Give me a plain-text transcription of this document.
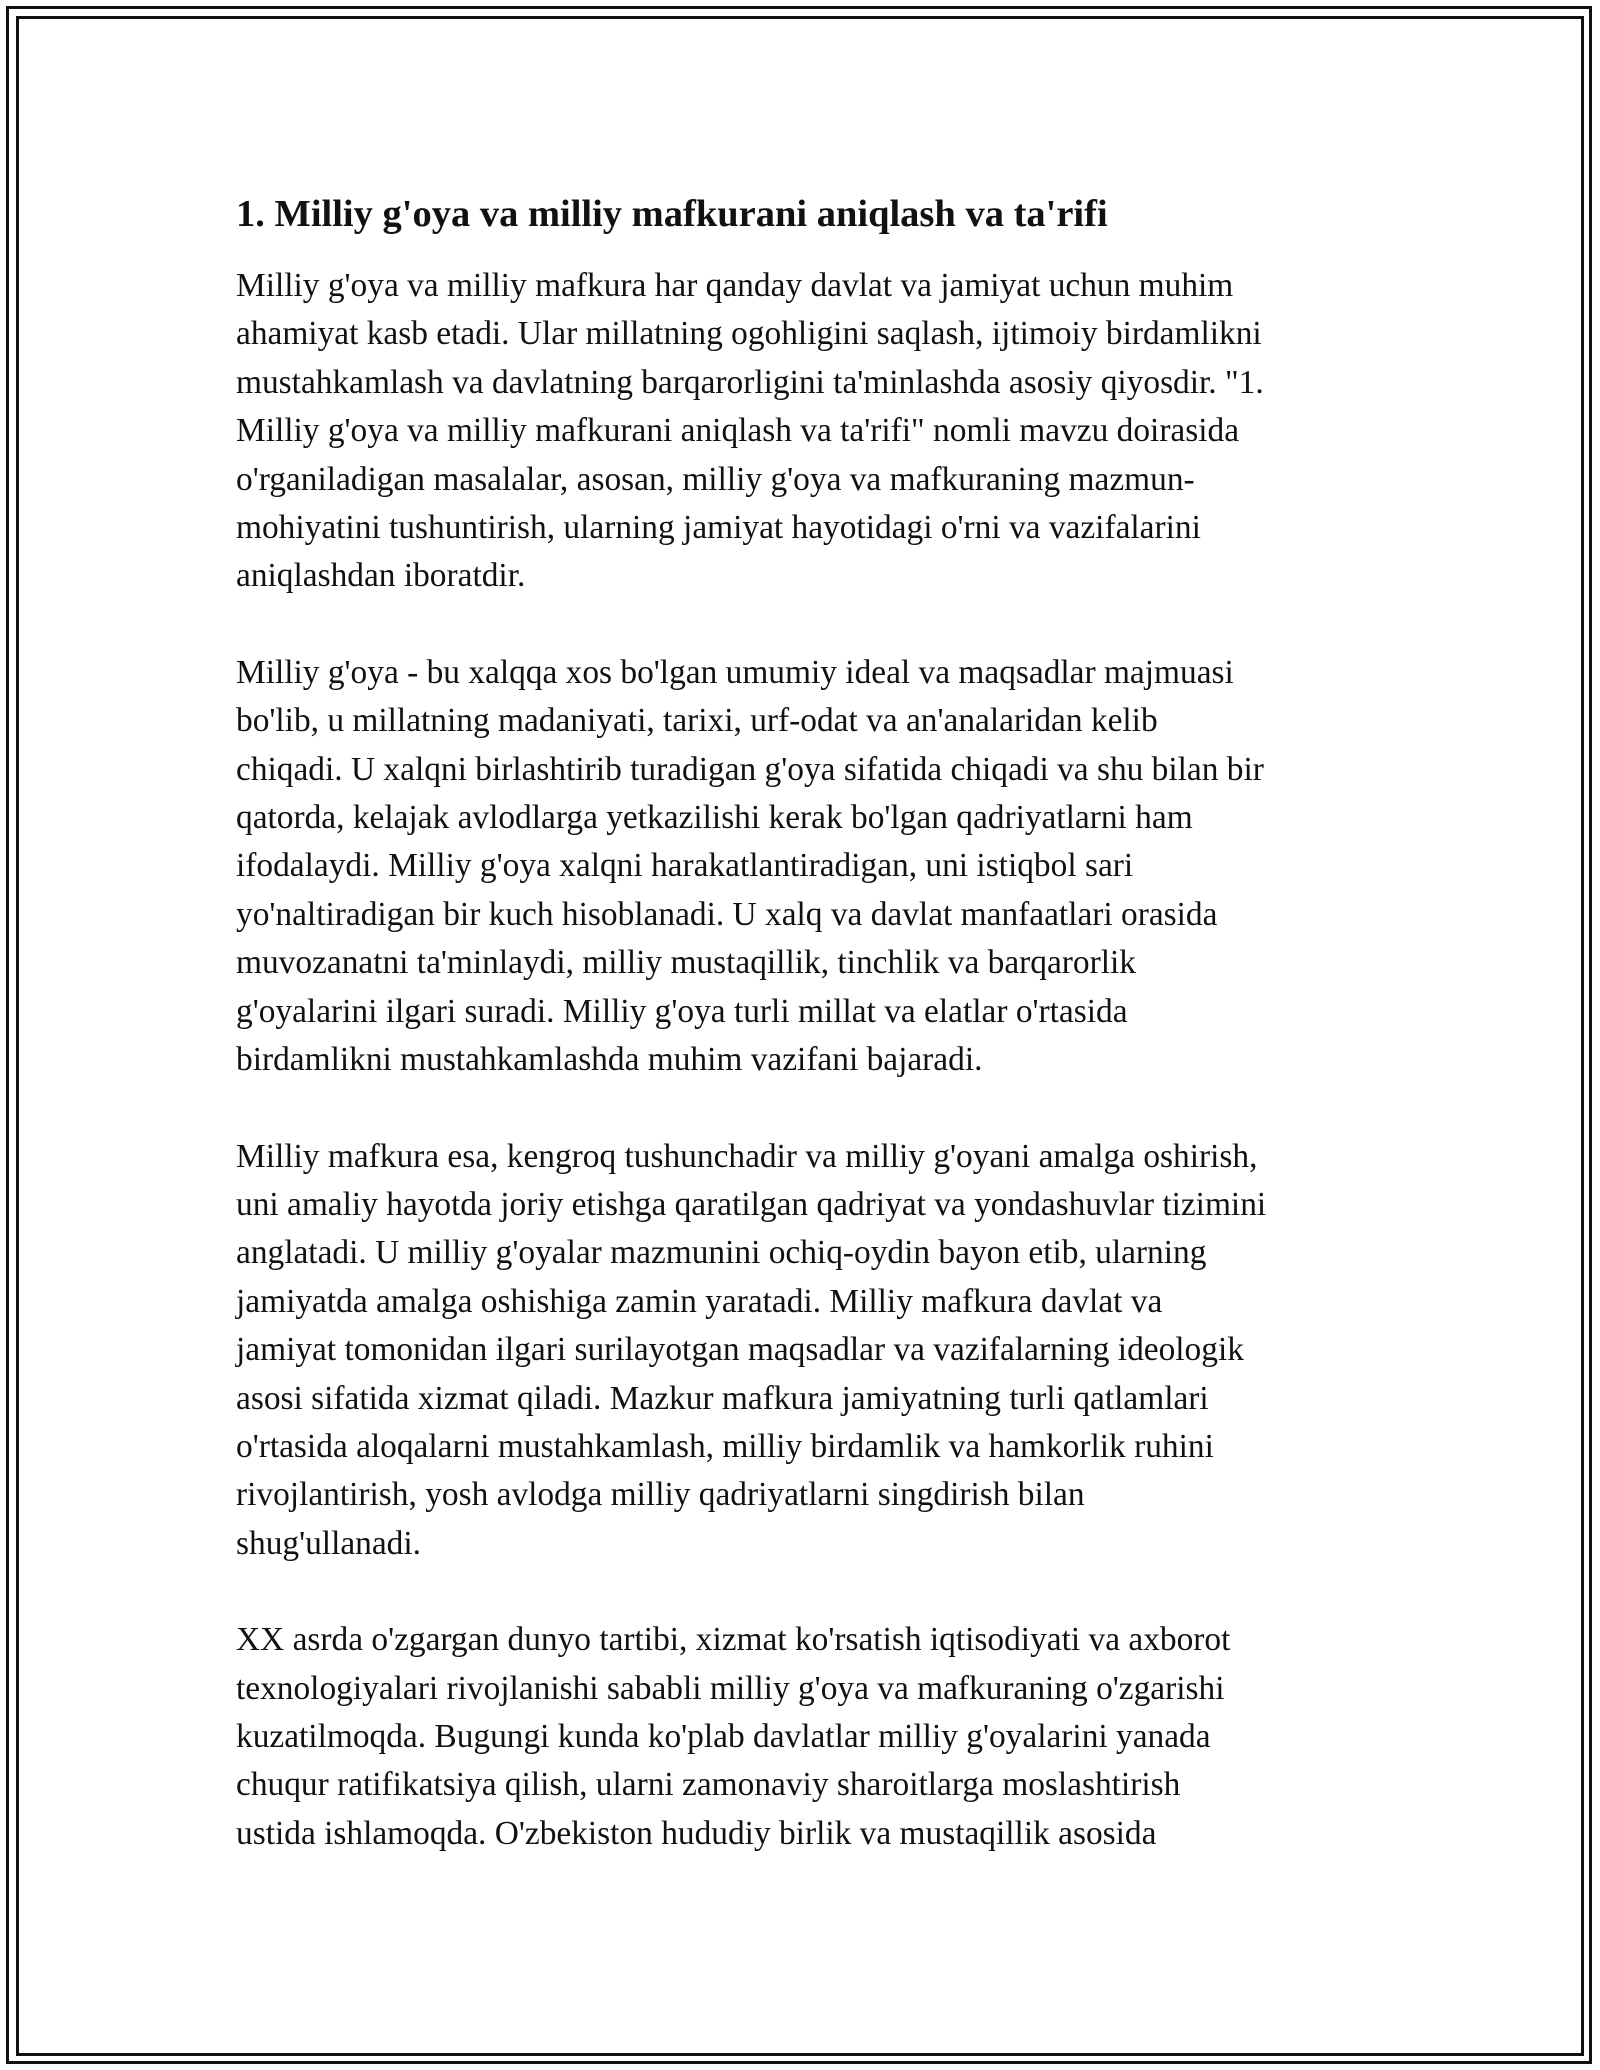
1. Milliy g'oya va milliy mafkurani aniqlash va ta'rifi

Milliy g'oya va milliy mafkura har qanday davlat va jamiyat uchun muhim
ahamiyat kasb etadi. Ular millatning ogohligini saqlash, ijtimoiy birdamlikni
mustahkamlash va davlatning barqarorligini ta'minlashda asosiy qiyosdir. "1.
Milliy g'oya va milliy mafkurani aniqlash va ta'rifi" nomli mavzu doirasida
o'rganiladigan masalalar, asosan, milliy g'oya va mafkuraning mazmun-
mohiyatini tushuntirish, ularning jamiyat hayotidagi o'rni va vazifalarini
aniqlashdan iboratdir.

Milliy g'oya - bu xalqqa xos bo'lgan umumiy ideal va maqsadlar majmuasi
bo'lib, u millatning madaniyati, tarixi, urf-odat va an'analaridan kelib
chiqadi. U xalqni birlashtirib turadigan g'oya sifatida chiqadi va shu bilan bir
qatorda, kelajak avlodlarga yetkazilishi kerak bo'lgan qadriyatlarni ham
ifodalaydi. Milliy g'oya xalqni harakatlantiradigan, uni istiqbol sari
yo'naltiradigan bir kuch hisoblanadi. U xalq va davlat manfaatlari orasida
muvozanatni ta'minlaydi, milliy mustaqillik, tinchlik va barqarorlik
g'oyalarini ilgari suradi. Milliy g'oya turli millat va elatlar o'rtasida
birdamlikni mustahkamlashda muhim vazifani bajaradi.

Milliy mafkura esa, kengroq tushunchadir va milliy g'oyani amalga oshirish,
uni amaliy hayotda joriy etishga qaratilgan qadriyat va yondashuvlar tizimini
anglatadi. U milliy g'oyalar mazmunini ochiq-oydin bayon etib, ularning
jamiyatda amalga oshishiga zamin yaratadi. Milliy mafkura davlat va
jamiyat tomonidan ilgari surilayotgan maqsadlar va vazifalarning ideologik
asosi sifatida xizmat qiladi. Mazkur mafkura jamiyatning turli qatlamlari
o'rtasida aloqalarni mustahkamlash, milliy birdamlik va hamkorlik ruhini
rivojlantirish, yosh avlodga milliy qadriyatlarni singdirish bilan
shug'ullanadi.

XX asrda o'zgargan dunyo tartibi, xizmat ko'rsatish iqtisodiyati va axborot
texnologiyalari rivojlanishi sababli milliy g'oya va mafkuraning o'zgarishi
kuzatilmoqda. Bugungi kunda ko'plab davlatlar milliy g'oyalarini yanada
chuqur ratifikatsiya qilish, ularni zamonaviy sharoitlarga moslashtirish
ustida ishlamoqda. O'zbekiston hududiy birlik va mustaqillik asosida
